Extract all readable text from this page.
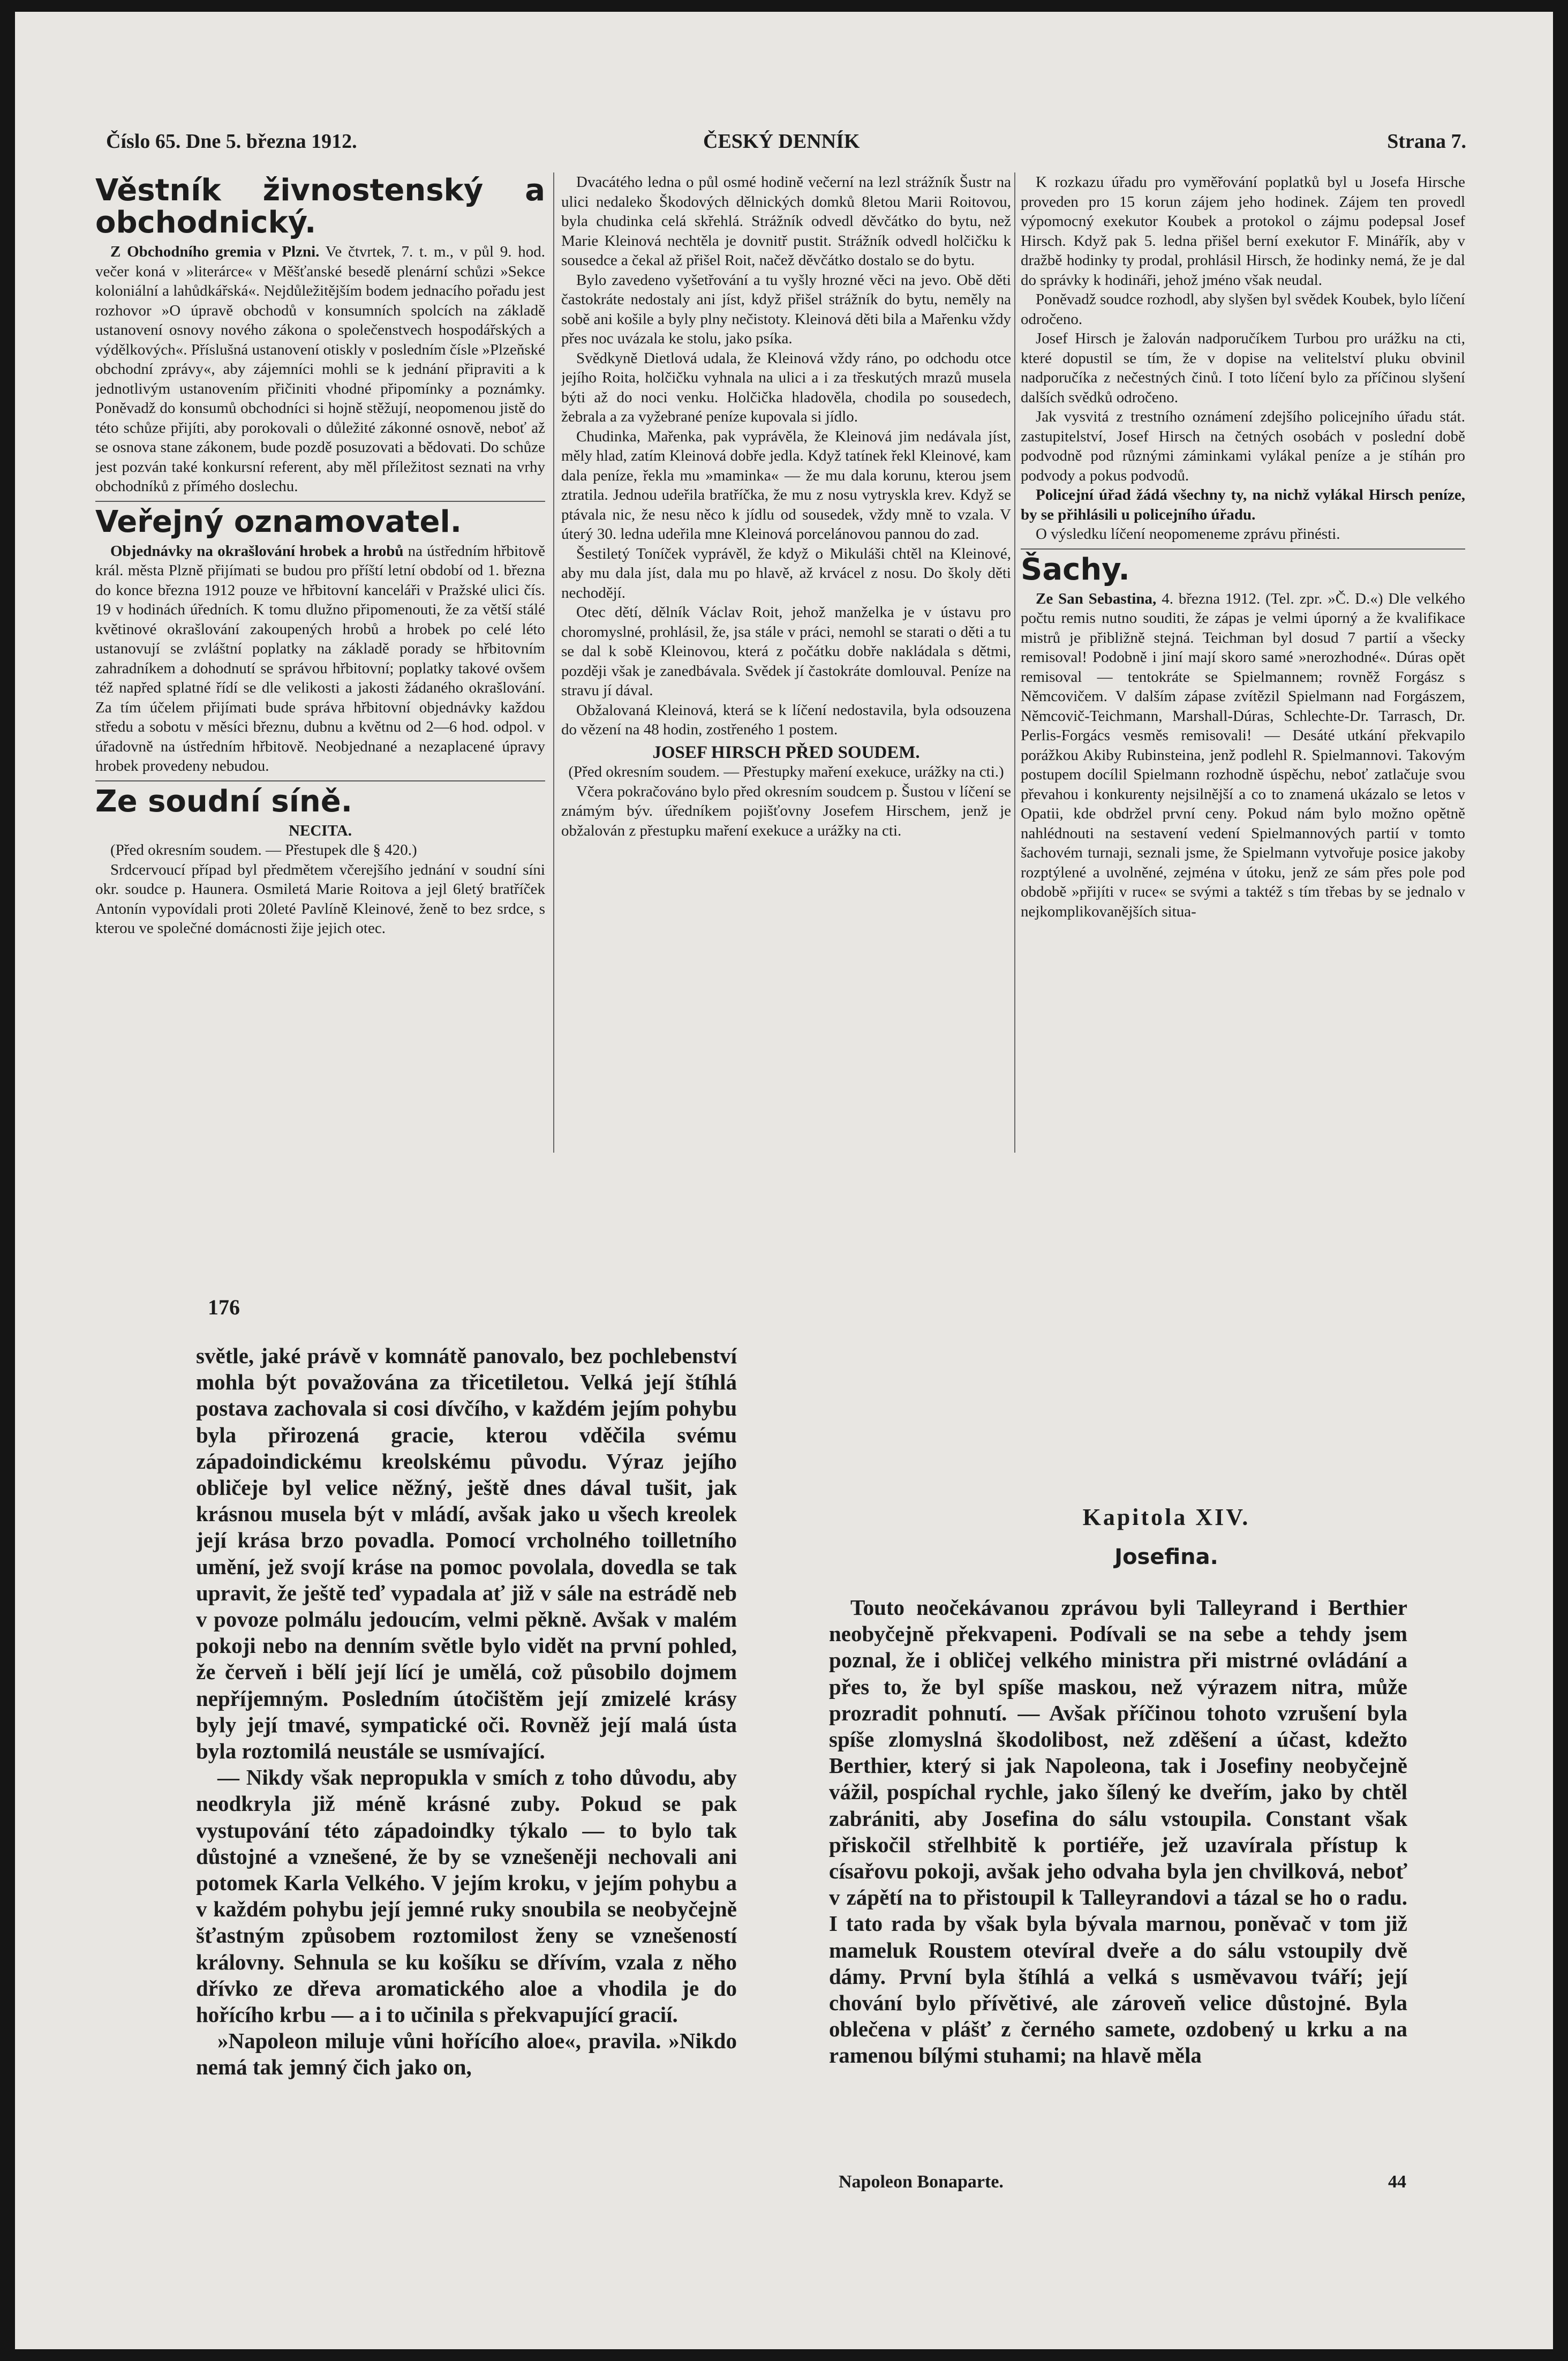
Číslo 65. Dne 5. března 1912.	ČESKÝ DENNÍK	Strana 7.
Věstník živnostenský a obchodnický.

Z Obchodního gremia v Plzni. Ve čtvrtek, 7. t. m., v půl 9. hod. večer koná v »literárce« v Měšťanské besedě plenární schůzi »Sekce koloniální a lahůdkářská«. Nejdůležitějším bodem jednacího pořadu jest rozhovor »O úpravě obchodů v konsumních spolcích na základě ustanovení osnovy nového zákona o společenstvech hospodářských a výdělkových«. Příslušná ustanovení otiskly v posledním čísle »Plzeňské obchodní zprávy«, aby zájemníci mohli se k jednání připraviti a k jednotlivým ustanovením přičiniti vhodné připomínky a poznámky. Poněvadž do konsumů obchodníci si hojně stěžují, neopomenou jistě do této schůze přijíti, aby porokovali o důležité zákonné osnově, neboť až se osnova stane zákonem, bude pozdě posuzovati a bědovati. Do schůze jest pozván také konkursní referent, aby měl příležitost seznati na vrhy obchodníků z přímého doslechu.

Veřejný oznamovatel.

Objednávky na okrašlování hrobek a hrobů na ústředním hřbitově král. města Plzně přijímati se budou pro příští letní období od 1. března do konce března 1912 pouze ve hřbitovní kanceláři v Pražské ulici čís. 19 v hodinách úředních. K tomu dlužno připomenouti, že za větší stálé květinové okrašlování zakoupených hrobů a hrobek po celé léto ustanovují se zvláštní poplatky na základě porady se hřbitovním zahradníkem a dohodnutí se správou hřbitovní; poplatky takové ovšem též napřed splatné řídí se dle velikosti a jakosti žádaného okrašlování. Za tím účelem přijímati bude správa hřbitovní objednávky každou středu a sobotu v měsíci březnu, dubnu a květnu od 2—6 hod. odpol. v úřadovně na ústředním hřbitově. Neobjednané a nezaplacené úpravy hrobek provedeny nebudou.

Ze soudní síně.

NECITA.

(Před okresním soudem. — Přestupek dle § 420.)

Srdcervoucí případ byl předmětem včerejšího jednání v soudní síni okr. soudce p. Haunera. Osmiletá Marie Roitova a jejl 6letý bratříček Antonín vypovídali proti 20leté Pavlíně Kleinové, ženě to bez srdce, s kterou ve společné domácnosti žije jejich otec.

Dvacátého ledna o půl osmé hodině večerní na lezl strážník Šustr na ulici nedaleko Škodových dělnických domků 8letou Marii Roitovou, byla chudinka celá skřehlá. Strážník odvedl děvčátko do bytu, než Marie Kleinová nechtěla je dovnitř pustit. Strážník odvedl holčičku k sousedce a čekal až přišel Roit, načež děvčátko dostalo se do bytu.

Bylo zavedeno vyšetřování a tu vyšly hrozné věci na jevo. Obě děti častokráte nedostaly ani jíst, když přišel strážník do bytu, neměly na sobě ani košile a byly plny nečistoty. Kleinová děti bila a Mařenku vždy přes noc uvázala ke stolu, jako psíka.

Svědkyně Dietlová udala, že Kleinová vždy ráno, po odchodu otce jejího Roita, holčičku vyhnala na ulici a i za třeskutých mrazů musela býti až do noci venku. Holčička hladověla, chodila po sousedech, žebrala a za vyžebrané peníze kupovala si jídlo.

Chudinka, Mařenka, pak vyprávěla, že Kleinová jim nedávala jíst, měly hlad, zatím Kleinová dobře jedla. Když tatínek řekl Kleinové, kam dala peníze, řekla mu »maminka« — že mu dala korunu, kterou jsem ztratila. Jednou udeřila bratříčka, že mu z nosu vytryskla krev. Když se ptávala nic, že nesu něco k jídlu od sousedek, vždy mně to vzala. V úterý 30. ledna udeřila mne Kleinová porcelánovou pannou do zad.

Šestiletý Toníček vyprávěl, že když o Mikuláši chtěl na Kleinové, aby mu dala jíst, dala mu po hlavě, až krvácel z nosu. Do školy děti nechodějí.

Otec dětí, dělník Václav Roit, jehož manželka je v ústavu pro choromyslné, prohlásil, že, jsa stále v práci, nemohl se starati o děti a tu se dal k sobě Kleinovou, která z počátku dobře nakládala s dětmi, později však je zanedbávala. Svědek jí častokráte domlouval. Peníze na stravu jí dával.

Obžalovaná Kleinová, která se k líčení nedostavila, byla odsouzena do vězení na 48 hodin, zostřeného 1 postem.

JOSEF HIRSCH PŘED SOUDEM.

(Před okresním soudem. — Přestupky maření exekuce, urážky na cti.)

Včera pokračováno bylo před okresním soudcem p. Šustou v líčení se známým býv. úředníkem pojišťovny Josefem Hirschem, jenž je obžalován z přestupku maření exekuce a urážky na cti.

K rozkazu úřadu pro vyměřování poplatků byl u Josefa Hirsche proveden pro 15 korun zájem jeho hodinek. Zájem ten provedl výpomocný exekutor Koubek a protokol o zájmu podepsal Josef Hirsch. Když pak 5. ledna přišel berní exekutor F. Minářík, aby v dražbě hodinky ty prodal, prohlásil Hirsch, že hodinky nemá, že je dal do správky k hodináři, jehož jméno však neudal.

Poněvadž soudce rozhodl, aby slyšen byl svědek Koubek, bylo líčení odročeno.

Josef Hirsch je žalován nadporučíkem Turbou pro urážku na cti, které dopustil se tím, že v dopise na velitelství pluku obvinil nadporučíka z nečestných činů. I toto líčení bylo za příčinou slyšení dalších svědků odročeno.

Jak vysvitá z trestního oznámení zdejšího policejního úřadu stát. zastupitelství, Josef Hirsch na četných osobách v poslední době podvodně pod různými záminkami vylákal peníze a je stíhán pro podvody a pokus podvodů.

Policejní úřad žádá všechny ty, na nichž vylákal Hirsch peníze, by se přihlásili u policejního úřadu.

O výsledku líčení neopomeneme zprávu přinésti.

Šachy.

Ze San Sebastina, 4. března 1912. (Tel. zpr. »Č. D.«) Dle velkého počtu remis nutno souditi, že zápas je velmi úporný a že kvalifikace mistrů je přibližně stejná. Teichman byl dosud 7 partií a všecky remisoval! Podobně i jiní mají skoro samé »nerozhodné«. Dúras opět remisoval — tentokráte se Spielmannem; rovněž Forgász s Němcovičem. V dalším zápase zvítězil Spielmann nad Forgászem, Němcovič-Teichmann, Marshall-Dúras, Schlechte-Dr. Tarrasch, Dr. Perlis-Forgács vesměs remisovali! — Desáté utkání překvapilo porážkou Akiby Rubinsteina, jenž podlehl R. Spielmannovi. Takovým postupem docílil Spielmann rozhodně úspěchu, neboť zatlačuje svou převahou i konkurenty nejsilnější a co to znamená ukázalo se letos v Opatii, kde obdržel první ceny. Pokud nám bylo možno opětně nahlédnouti na sestavení vedení Spielmannových partií v tomto šachovém turnaji, seznali jsme, že Spielmann vytvořuje posice jakoby rozptýlené a uvolněné, zejména v útoku, jenž ze sám přes pole pod obdobě »přijíti v ruce« se svými a taktéž s tím třebas by se jednalo v nejkomplikovanějších situa-

176

světle, jaké právě v komnátě panovalo, bez pochlebenství mohla být považována za třicetiletou. Velká její štíhlá postava zachovala si cosi dívčího, v každém jejím pohybu byla přirozená gracie, kterou vděčila svému západoindickému kreolskému původu. Výraz jejího obličeje byl velice něžný, ještě dnes dával tušit, jak krásnou musela být v mládí, avšak jako u všech kreolek její krása brzo povadla. Pomocí vrcholného toilletního umění, jež svojí kráse na pomoc povolala, dovedla se tak upravit, že ještě teď vypadala ať již v sále na estrádě neb v povoze polmálu jedoucím, velmi pěkně. Avšak v malém pokoji nebo na denním světle bylo vidět na první pohled, že červeň i bělí její lící je umělá, což působilo dojmem nepříjemným. Posledním útočištěm její zmizelé krásy byly její tmavé, sympatické oči. Rovněž její malá ústa byla roztomilá neustále se usmívající.

— Nikdy však nepropukla v smích z toho důvodu, aby neodkryla již méně krásné zuby. Pokud se pak vystupování této západoindky týkalo — to bylo tak důstojné a vznešené, že by se vznešeněji nechovali ani potomek Karla Velkého. V jejím kroku, v jejím pohybu a v každém pohybu její jemné ruky snoubila se neobyčejně šťastným způsobem roztomilost ženy se vznešeností královny. Sehnula se ku košíku se dřívím, vzala z něho dřívko ze dřeva aromatického aloe a vhodila je do hořícího krbu — a i to učinila s překvapující gracií.

»Napoleon miluje vůni hořícího aloe«, pravila. »Nikdo nemá tak jemný čich jako on,

Kapitola XIV.
Josefina.

Touto neočekávanou zprávou byli Talleyrand i Berthier neobyčejně překvapeni. Podívali se na sebe a tehdy jsem poznal, že i obličej velkého ministra při mistrné ovládání a přes to, že byl spíše maskou, než výrazem nitra, může prozradit pohnutí. — Avšak příčinou tohoto vzrušení byla spíše zlomyslná škodolibost, než zděšení a účast, kdežto Berthier, který si jak Napoleona, tak i Josefiny neobyčejně vážil, pospíchal rychle, jako šílený ke dveřím, jako by chtěl zabrániti, aby Josefina do sálu vstoupila. Constant však přiskočil střelhbitě k portiéře, jež uzavírala přístup k císařovu pokoji, avšak jeho odvaha byla jen chvilková, neboť v zápětí na to přistoupil k Talleyrandovi a tázal se ho o radu. I tato rada by však byla bývala marnou, poněvač v tom již mameluk Roustem otevíral dveře a do sálu vstoupily dvě dámy. První byla štíhlá a velká s usměvavou tváří; její chování bylo přívětivé, ale zároveň velice důstojné. Byla oblečena v plášť z černého samete, ozdobený u krku a na ramenou bílými stuhami; na hlavě měla

Napoleon Bonaparte.	44
